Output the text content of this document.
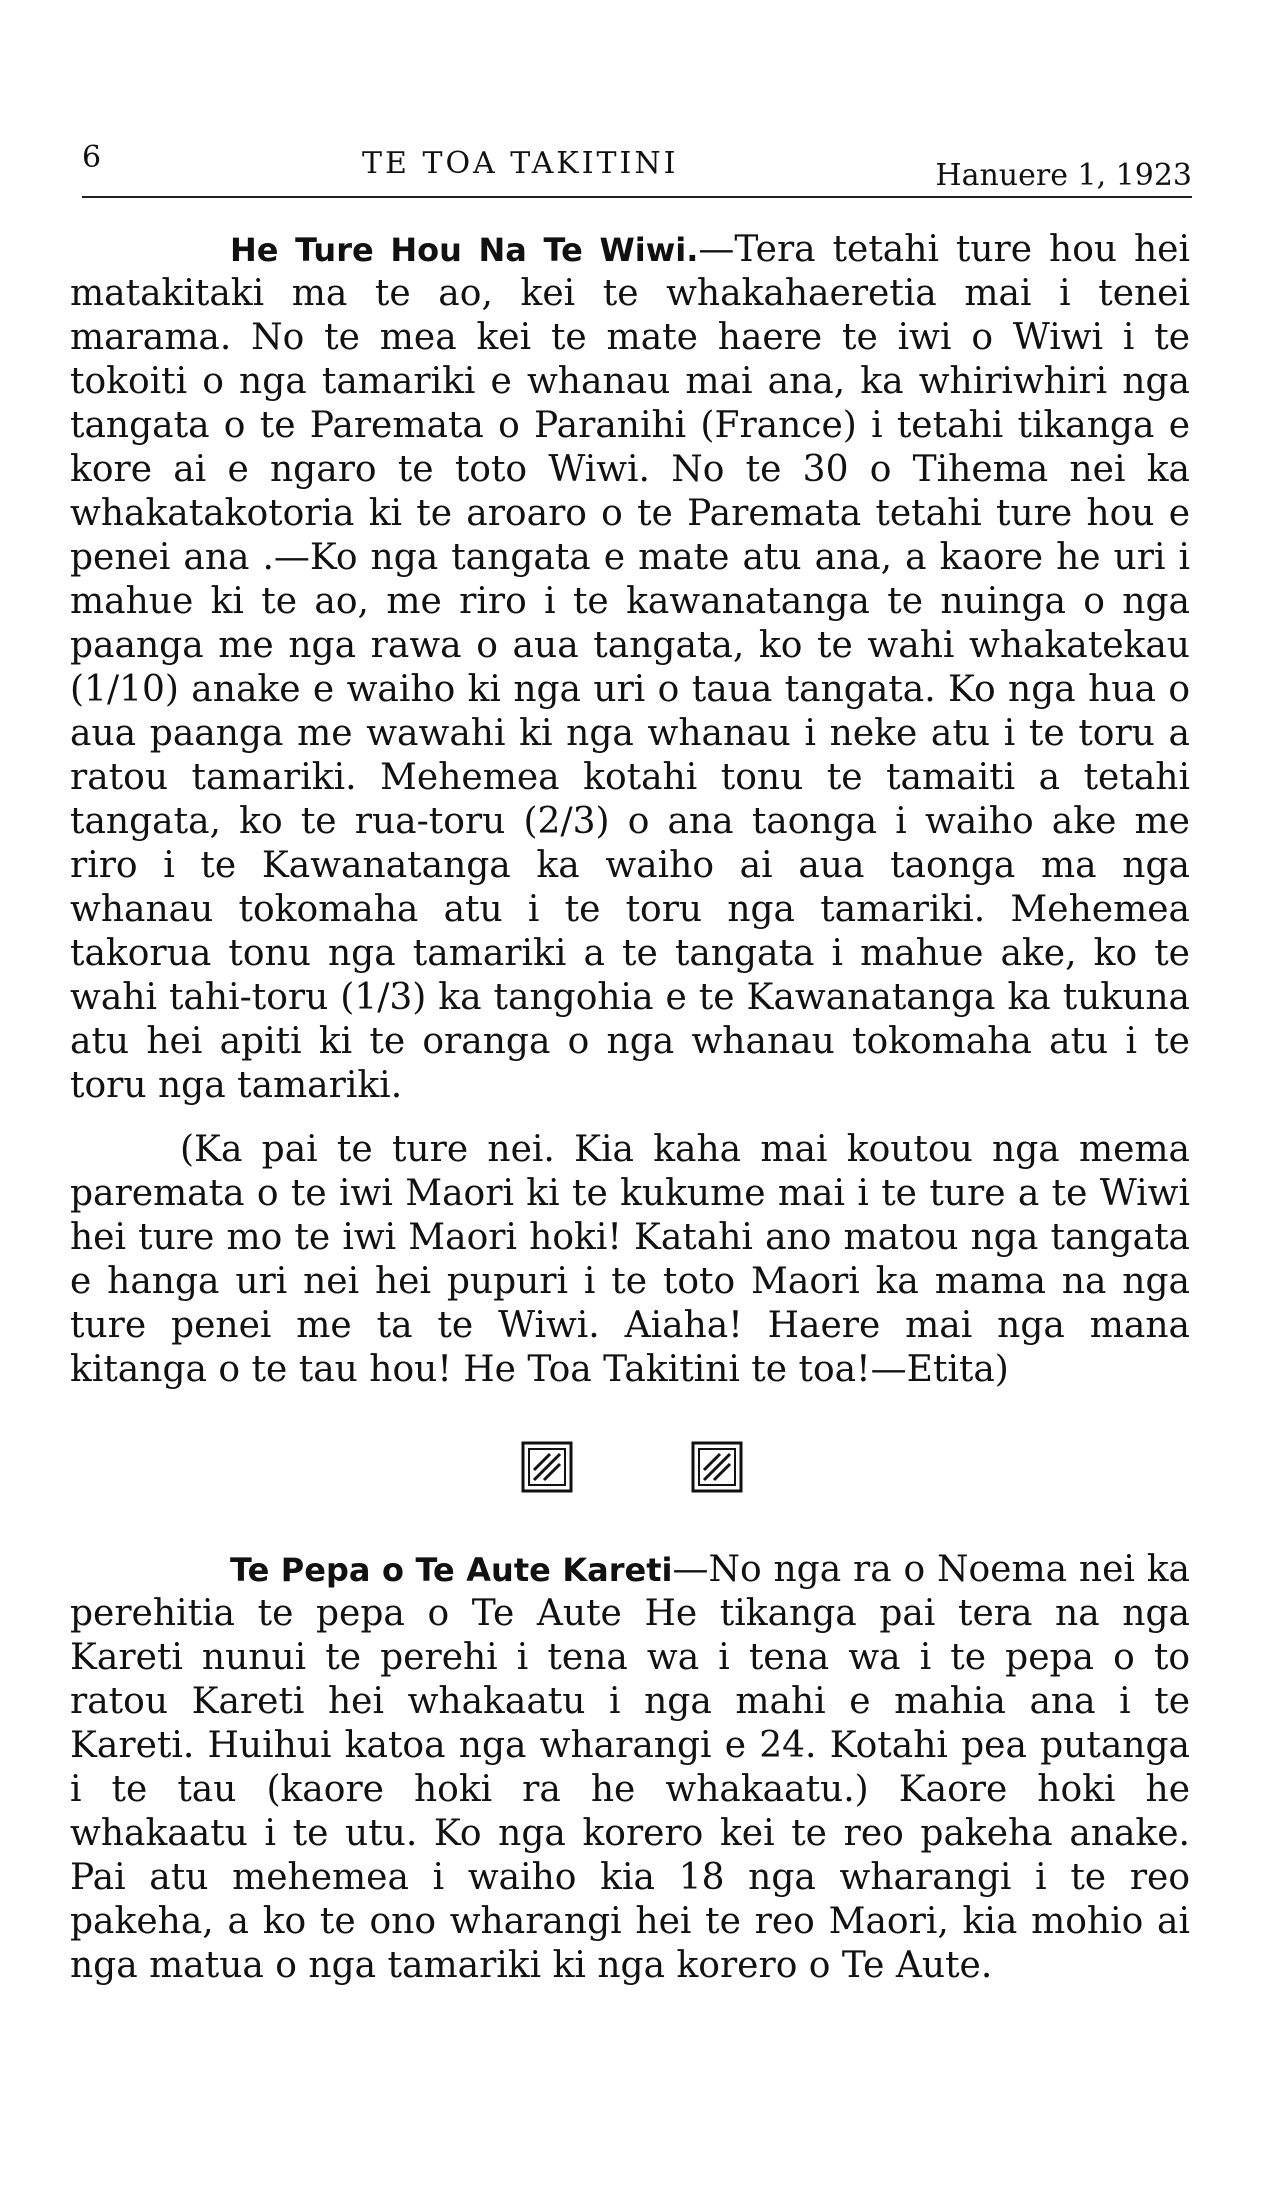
6	TE TOA TAKITINI	Hanuere 1, 1923

He Ture Hou Na Te Wiwi.—Tera tetahi ture hou hei matakitaki ma te ao, kei te whakahaeretia mai i tenei marama. No te mea kei te mate haere te iwi o Wiwi i te tokoiti o nga tamariki e whanau mai ana, ka whiriwhiri nga tangata o te Paremata o Paranihi (France) i tetahi tikanga e kore ai e ngaro te toto Wiwi. No te 30 o Tihema nei ka whakatakotoria ki te aroaro o te Paremata tetahi ture hou e penei ana .—Ko nga tangata e mate atu ana, a kaore he uri i mahue ki te ao, me riro i te kawanatanga te nuinga o nga paanga me nga rawa o aua tangata, ko te wahi whakatekau (1/10) anake e waiho ki nga uri o taua tangata. Ko nga hua o aua paanga me wawahi ki nga whanau i neke atu i te toru a ratou tamariki. Mehemea kotahi tonu te tamaiti a tetahi tangata, ko te rua-toru (2/3) o ana taonga i waiho ake me riro i te Kawanatanga ka waiho ai aua taonga ma nga whanau tokomaha atu i te toru nga tamariki. Mehemea takorua tonu nga tamariki a te tangata i mahue ake, ko te wahi tahi-toru (1/3) ka tangohia e te Kawanatanga ka tukuna atu hei apiti ki te oranga o nga whanau tokomaha atu i te toru nga tamariki.

(Ka pai te ture nei. Kia kaha mai koutou nga mema paremata o te iwi Maori ki te kukume mai i te ture a te Wiwi hei ture mo te iwi Maori hoki! Katahi ano matou nga tangata e hanga uri nei hei pupuri i te toto Maori ka mama na nga ture penei me ta te Wiwi. Aiaha! Haere mai nga mana kitanga o te tau hou! He Toa Takitini te toa!—Etita)

Te Pepa o Te Aute Kareti—No nga ra o Noema nei ka perehitia te pepa o Te Aute He tikanga pai tera na nga Kareti nunui te perehi i tena wa i tena wa i te pepa o to ratou Kareti hei whakaatu i nga mahi e mahia ana i te Kareti. Huihui katoa nga wharangi e 24. Kotahi pea putanga i te tau (kaore hoki ra he whakaatu.) Kaore hoki he whakaatu i te utu. Ko nga korero kei te reo pakeha anake. Pai atu mehemea i waiho kia 18 nga wharangi i te reo pakeha, a ko te ono wharangi hei te reo Maori, kia mohio ai nga matua o nga tamariki ki nga korero o Te Aute.
